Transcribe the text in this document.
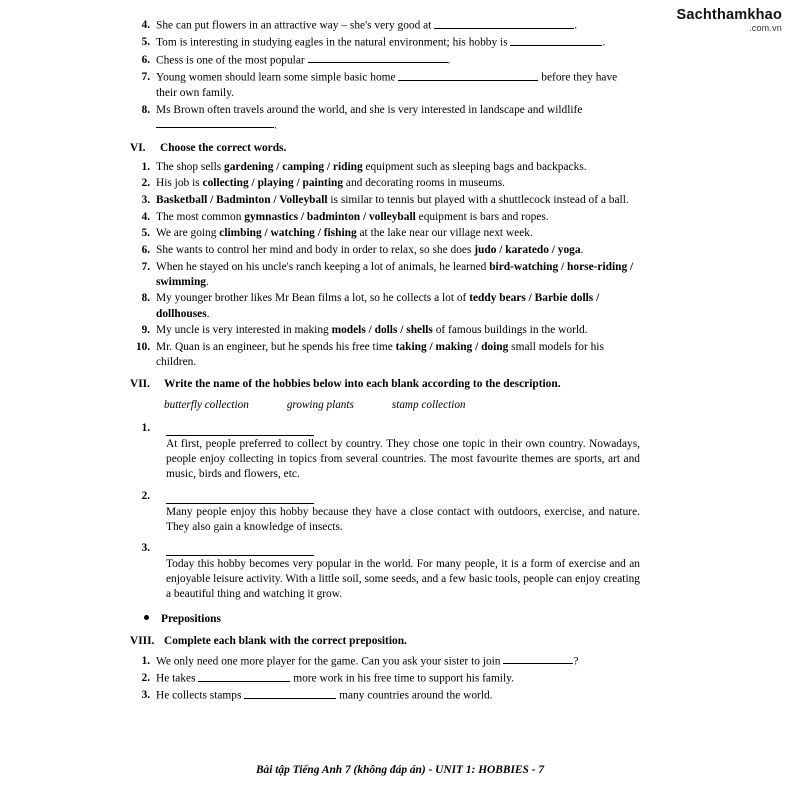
Sachthamkhao
.com.vn
4. She can put flowers in an attractive way – she's very good at	.
5. Tom is interesting in studying eagles in the natural environment; his hobby is	.
6. Chess is one of the most popular	.
7. Young women should learn some simple basic home	before they have their own family.
8. Ms Brown often travels around the world, and she is very interested in landscape and wildlife .
VI.	Choose the correct words.
1. The shop sells gardening / camping / riding equipment such as sleeping bags and backpacks.
2. His job is collecting / playing / painting and decorating rooms in museums.
3. Basketball / Badminton / Volleyball is similar to tennis but played with a shuttlecock instead of a ball.
4. The most common gymnastics / badminton / volleyball equipment is bars and ropes.
5. We are going climbing / watching / fishing at the lake near our village next week.
6. She wants to control her mind and body in order to relax, so she does judo / karatedo / yoga.
7. When he stayed on his uncle's ranch keeping a lot of animals, he learned bird-watching / horse-riding / swimming.
8. My younger brother likes Mr Bean films a lot, so he collects a lot of teddy bears / Barbie dolls / dollhouses.
9. My uncle is very interested in making models / dolls / shells of famous buildings in the world.
10. Mr. Quan is an engineer, but he spends his free time taking / making / doing small models for his children.
VII.	Write the name of the hobbies below into each blank according to the description.
butterfly collection	growing plants	stamp collection
1.
At first, people preferred to collect by country. They chose one topic in their own country. Nowadays, people enjoy collecting in topics from several countries. The most favourite themes are sports, art and music, birds and flowers, etc.
2.
Many people enjoy this hobby because they have a close contact with outdoors, exercise, and nature. They also gain a knowledge of insects.
3.
Today this hobby becomes very popular in the world. For many people, it is a form of exercise and an enjoyable leisure activity. With a little soil, some seeds, and a few basic tools, people can enjoy creating a beautiful thing and watching it grow.
Prepositions
VIII. Complete each blank with the correct preposition.
1. We only need one more player for the game. Can you ask your sister to join	?
2. He takes	more work in his free time to support his family.
3. He collects stamps	many countries around the world.
Bài tập Tiếng Anh 7 (không đáp án) - UNIT 1: HOBBIES - 7
